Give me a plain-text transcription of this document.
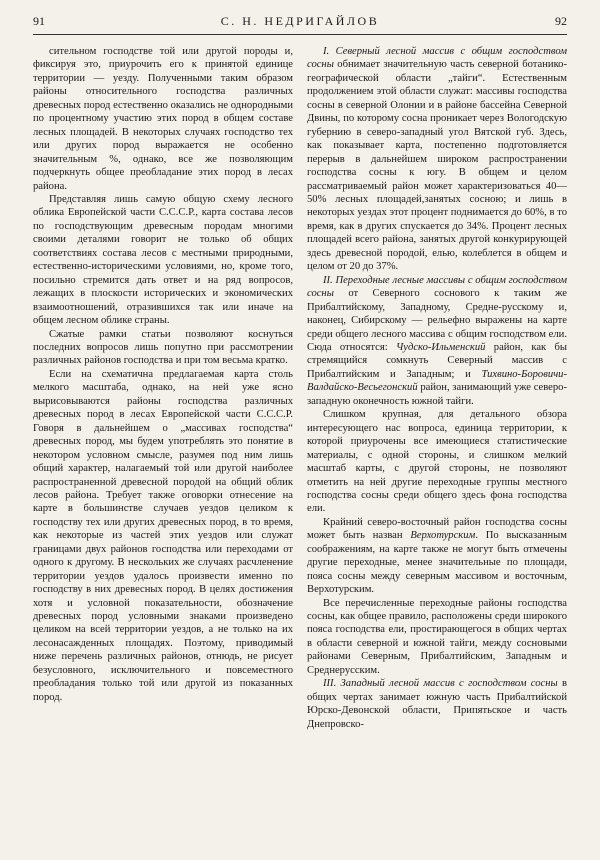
91	С. Н. НЕДРИГАЙЛОВ	92

сительном господстве той или другой породы и, фиксируя это, приурочить его к принятой единице территории — уезду. Полученными таким образом районы относительного господства различных древесных пород естественно оказались не однородными по процентному участию этих пород в общем составе лесных площадей. В некоторых случаях господство тех или других пород выражается не особенно значительным %, однако, все же позволяющим подчеркнуть общее преобладание этих пород в лесах района.

Представляя лишь самую общую схему лесного облика Европейской части С.С.С.Р., карта состава лесов по господствующим древесным породам многими своими деталями говорит не только об общих соответствиях состава лесов с местными природными, естественно-историческими условиями, но, кроме того, посильно стремится дать ответ и на ряд вопросов, лежащих в плоскости исторических и экономических взаимоотношений, отразившихся так или иначе на общем лесном облике страны.

Сжатые рамки статьи позволяют коснуться последних вопросов лишь попутно при рассмотрении различных районов господства и при том весьма кратко.

Если на схематична предлагаемая карта столь мелкого масштаба, однако, на ней уже ясно вырисовываются районы господства различных древесных пород в лесах Европейской части С.С.С.Р. Говоря в дальнейшем о „массивах господства“ древесных пород, мы будем употреблять это понятие в некотором условном смысле, разумея под ним лишь общий характер, налагаемый той или другой наиболее распространенной древесной породой на общий облик лесов района. Требует также оговорки отнесение на карте в большинстве случаев уездов целиком к господству тех или других древесных пород, в то время, как некоторые из частей этих уездов или служат границами двух районов господства или переходами от одного к другому. В нескольких же случаях расчленение территории уездов удалось произвести именно по господству в них древесных пород. В целях достижения хотя и условной показательности, обозначение древесных пород условными знаками произведено целиком на всей территории уездов, а не только на их лесонасажденных площадях. Поэтому, приводимый ниже перечень различных районов, отнюдь, не рисует безусловного, исключительного и повсеместного преобладания только той или другой из показанных пород.

I. Северный лесной массив с общим господством сосны обнимает значительную часть северной ботанико-географической области „тайги“. Естественным продолжением этой области служат: массивы господства сосны в северной Олонии и в районе бассейна Северной Двины, по которому сосна проникает через Вологодскую губернию в северо-западный угол Вятской губ. Здесь, как показывает карта, постепенно подготовляется перерыв в дальнейшем широком распространении господства сосны к югу. В общем и целом рассматриваемый район может характеризоваться 40—50% лесных площадей,занятых сосною; и лишь в некоторых уездах этот процент поднимается до 60%, в то время, как в других спускается до 34%. Процент лесных площадей всего района, занятых другой конкурирующей здесь древесной породой, елью, колеблется в общем и целом от 20 до 37%.

II. Переходные лесные массивы с общим господством сосны от Северного соснового к таким же Прибалтийскому, Западному, Средне-русскому и, наконец, Сибирскому — рельефно выражены на карте среди общего лесного массива с общим господством ели. Сюда относятся: Чудско-Ильменский район, как бы стремящийся сомкнуть Северный массив с Прибалтийским и Западным; и Тихвино-Боровичи-Валдайско-Весьегонский район, занимающий уже северо-западную оконечность южной тайги.

Слишком крупная, для детального обзора интересующего нас вопроса, единица территории, к которой приурочены все имеющиеся статистические материалы, с одной стороны, и слишком мелкий масштаб карты, с другой стороны, не позволяют отметить на ней другие переходные группы местного господства сосны среди общего здесь фона господства ели.

Крайний северо-восточный район господства сосны может быть назван Верхотурским. По высказанным соображениям, на карте также не могут быть отмечены другие переходные, менее значительные по площади, пояса сосны между северным массивом и восточным, Верхотурским.

Все перечисленные переходные районы господства сосны, как общее правило, расположены среди широкого пояса господства ели, простирающегося в общих чертах в области северной и южной тайги, между сосновыми районами Северным, Прибалтийским, Западным и Среднерусским.

III. Западный лесной массив с господством сосны в общих чертах занимает южную часть Прибалтийской Юрско-Девонской области, Припятьское и часть Днепровско-
